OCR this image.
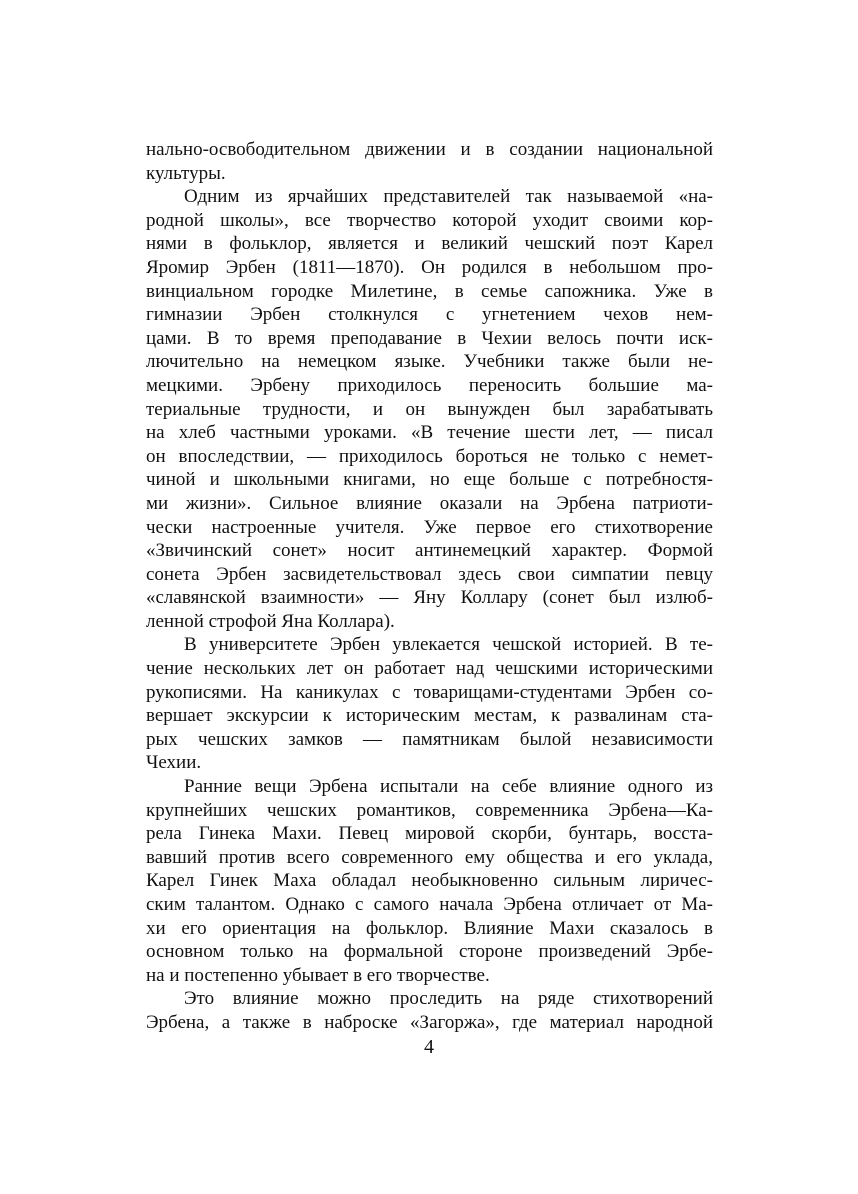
нально-освободительном движении и в создании национальной
культуры.
Одним из ярчайших представителей так называемой «на-
родной школы», все творчество которой уходит своими кор-
нями в фольклор, является и великий чешский поэт Карел
Яромир Эрбен (1811—1870). Он родился в небольшом про-
винциальном городке Милетине, в семье сапожника. Уже в
гимназии Эрбен столкнулся с угнетением чехов нем-
цами. В то время преподавание в Чехии велось почти иск-
лючительно на немецком языке. Учебники также были не-
мецкими. Эрбену приходилось переносить большие ма-
териальные трудности, и он вынужден был зарабатывать
на хлеб частными уроками. «В течение шести лет, — писал
он впоследствии, — приходилось бороться не только с немет-
чиной и школьными книгами, но еще больше с потребностя-
ми жизни». Сильное влияние оказали на Эрбена патриоти-
чески настроенные учителя. Уже первое его стихотворение
«Звичинский сонет» носит антинемецкий характер. Формой
сонета Эрбен засвидетельствовал здесь свои симпатии певцу
«славянской взаимности» — Яну Коллару (сонет был излюб-
ленной строфой Яна Коллара).
В университете Эрбен увлекается чешской историей. В те-
чение нескольких лет он работает над чешскими историческими
рукописями. На каникулах с товарищами-студентами Эрбен со-
вершает экскурсии к историческим местам, к развалинам ста-
рых чешских замков — памятникам былой независимости
Чехии.
Ранние вещи Эрбена испытали на себе влияние одного из
крупнейших чешских романтиков, современника Эрбена—Ка-
рела Гинека Махи. Певец мировой скорби, бунтарь, восста-
вавший против всего современного ему общества и его уклада,
Карел Гинек Маха обладал необыкновенно сильным лиричес-
ским талантом. Однако с самого начала Эрбена отличает от Ма-
хи его ориентация на фольклор. Влияние Махи сказалось в
основном только на формальной стороне произведений Эрбе-
на и постепенно убывает в его творчестве.
Это влияние можно проследить на ряде стихотворений
Эрбена, а также в наброске «Загоржа», где материал народной
4
